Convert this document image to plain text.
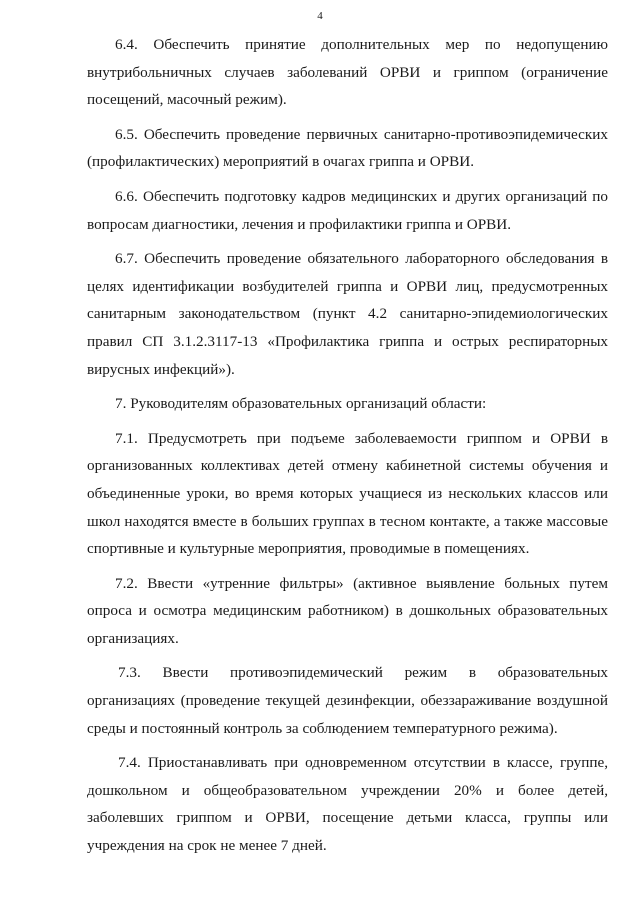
4

6.4. Обеспечить принятие дополнительных мер по недопущению внутрибольничных случаев заболеваний ОРВИ и гриппом (ограничение посещений, масочный режим).

6.5. Обеспечить проведение первичных санитарно-противоэпидемических (профилактических) мероприятий в очагах гриппа и ОРВИ.

6.6. Обеспечить подготовку кадров медицинских и других организаций по вопросам диагностики, лечения и профилактики гриппа и ОРВИ.

6.7. Обеспечить проведение обязательного лабораторного обследования в целях идентификации возбудителей гриппа и ОРВИ лиц, предусмотренных санитарным законодательством (пункт 4.2 санитарно-эпидемиологических правил СП 3.1.2.3117-13 «Профилактика гриппа и острых респираторных вирусных инфекций»).

7. Руководителям образовательных организаций области:

7.1. Предусмотреть при подъеме заболеваемости гриппом и ОРВИ в организованных коллективах детей отмену кабинетной системы обучения и объединенные уроки, во время которых учащиеся из нескольких классов или школ находятся вместе в больших группах в тесном контакте, а также массовые спортивные и культурные мероприятия, проводимые в помещениях.

7.2. Ввести «утренние фильтры» (активное выявление больных путем опроса и осмотра медицинским работником) в дошкольных образовательных организациях.

7.3. Ввести противоэпидемический режим в образовательных организациях (проведение текущей дезинфекции, обеззараживание воздушной среды и постоянный контроль за соблюдением температурного режима).

7.4. Приостанавливать при одновременном отсутствии в классе, группе, дошкольном и общеобразовательном учреждении 20% и более детей, заболевших гриппом и ОРВИ, посещение детьми класса, группы или учреждения на срок не менее 7 дней.
